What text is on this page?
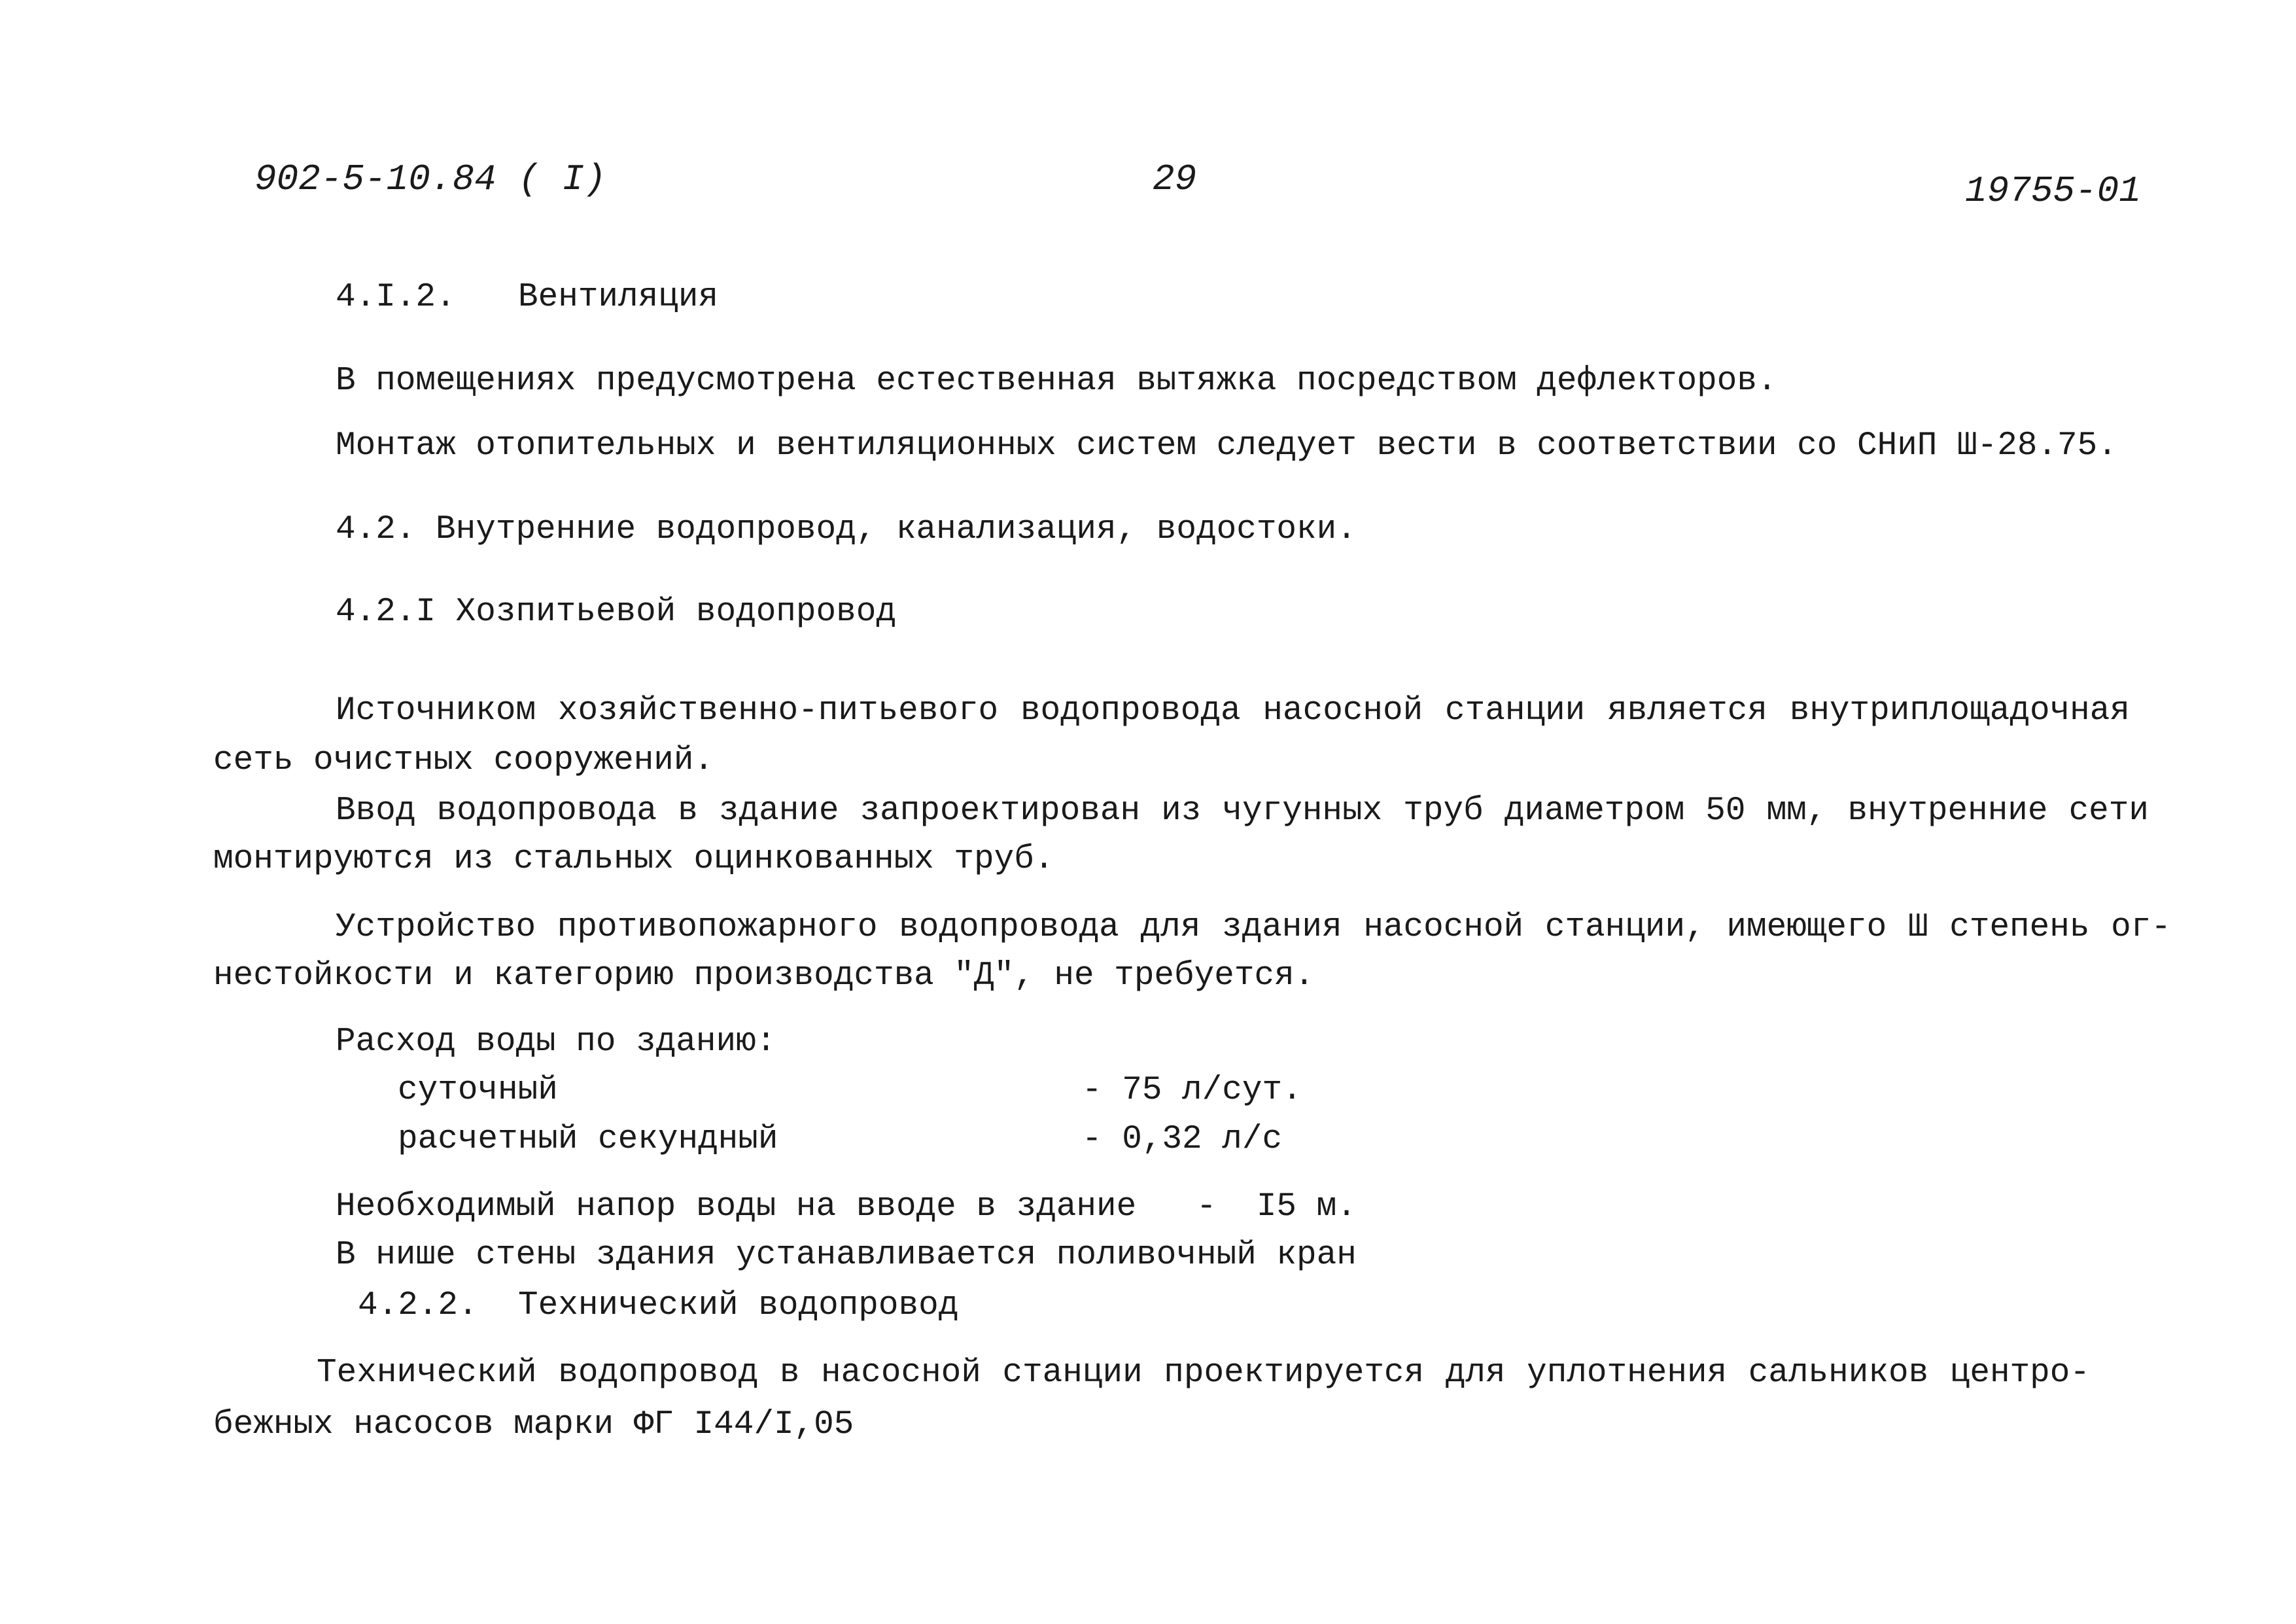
902-5-10.84 ( I)	29	19755-01
4.I.2. Вентиляция
В помещениях предусмотрена естественная вытяжка посредством дефлекторов.
Монтаж отопительных и вентиляционных систем следует вести в соответствии со СНиП Ш-28.75.
4.2. Внутренние водопровод, канализация, водостоки.
4.2.I Хозпитьевой водопровод
Источником хозяйственно-питьевого водопровода насосной станции является внутриплощадочная
сеть очистных сооружений.
Ввод водопровода в здание запроектирован из чугунных труб диаметром 50 мм, внутренние сети
монтируются из стальных оцинкованных труб.
Устройство противопожарного водопровода для здания насосной станции, имеющего Ш степень ог-
нестойкости и категорию производства "Д", не требуется.
Расход воды по зданию:
суточный	- 75 л/сут.
расчетный секундный	- 0,32 л/с
Необходимый напор воды на вводе в здание   -  I5 м.
В нише стены здания устанавливается поливочный кран
4.2.2. Технический водопровод
Технический водопровод в насосной станции проектируется для уплотнения сальников центро-
бежных насосов марки ФГ I44/I,05
